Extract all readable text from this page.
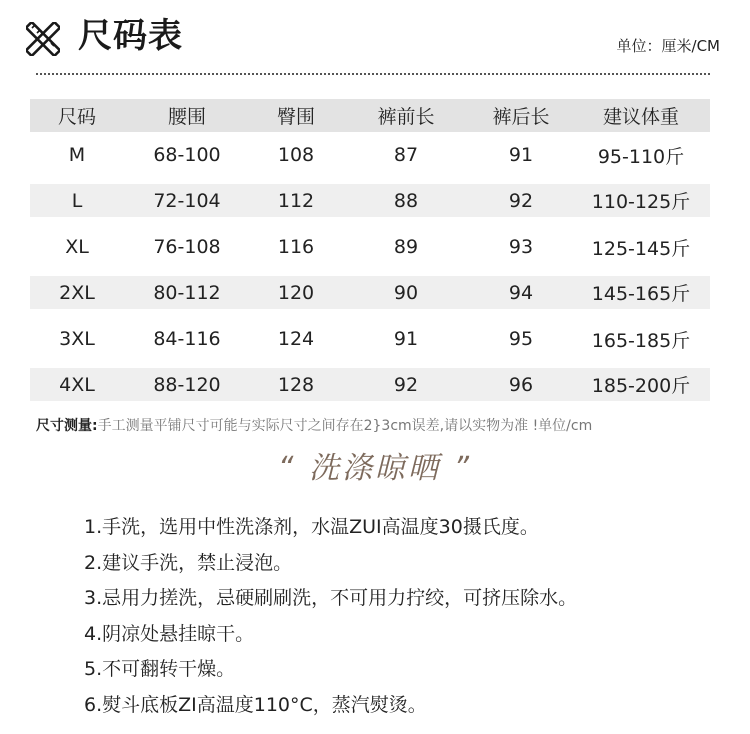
尺码表	单位：厘米/CM
尺码	腰围	臀围	裤前长	裤后长	建议体重
M	68-100	108	87	91	95-110斤
L	72-104	112	88	92	110-125斤
XL	76-108	116	89	93	125-145斤
2XL	80-112	120	90	94	145-165斤
3XL	84-116	124	91	95	165-185斤
4XL	88-120	128	92	96	185-200斤
尺寸测量:手工测量平铺尺寸可能与实际尺寸之间存在2}3cm误差,请以实物为准 !单位/cm
“ 洗涤晾晒 ”
1.手洗，选用中性洗涤剂，水温ZUI高温度30摄氏度。
2.建议手洗，禁止浸泡。
3.忌用力搓洗，忌硬刷刷洗，不可用力拧绞，可挤压除水。
4.阴凉处悬挂晾干。
5.不可翻转干燥。
6.熨斗底板ZI高温度110°C，蒸汽熨烫。
